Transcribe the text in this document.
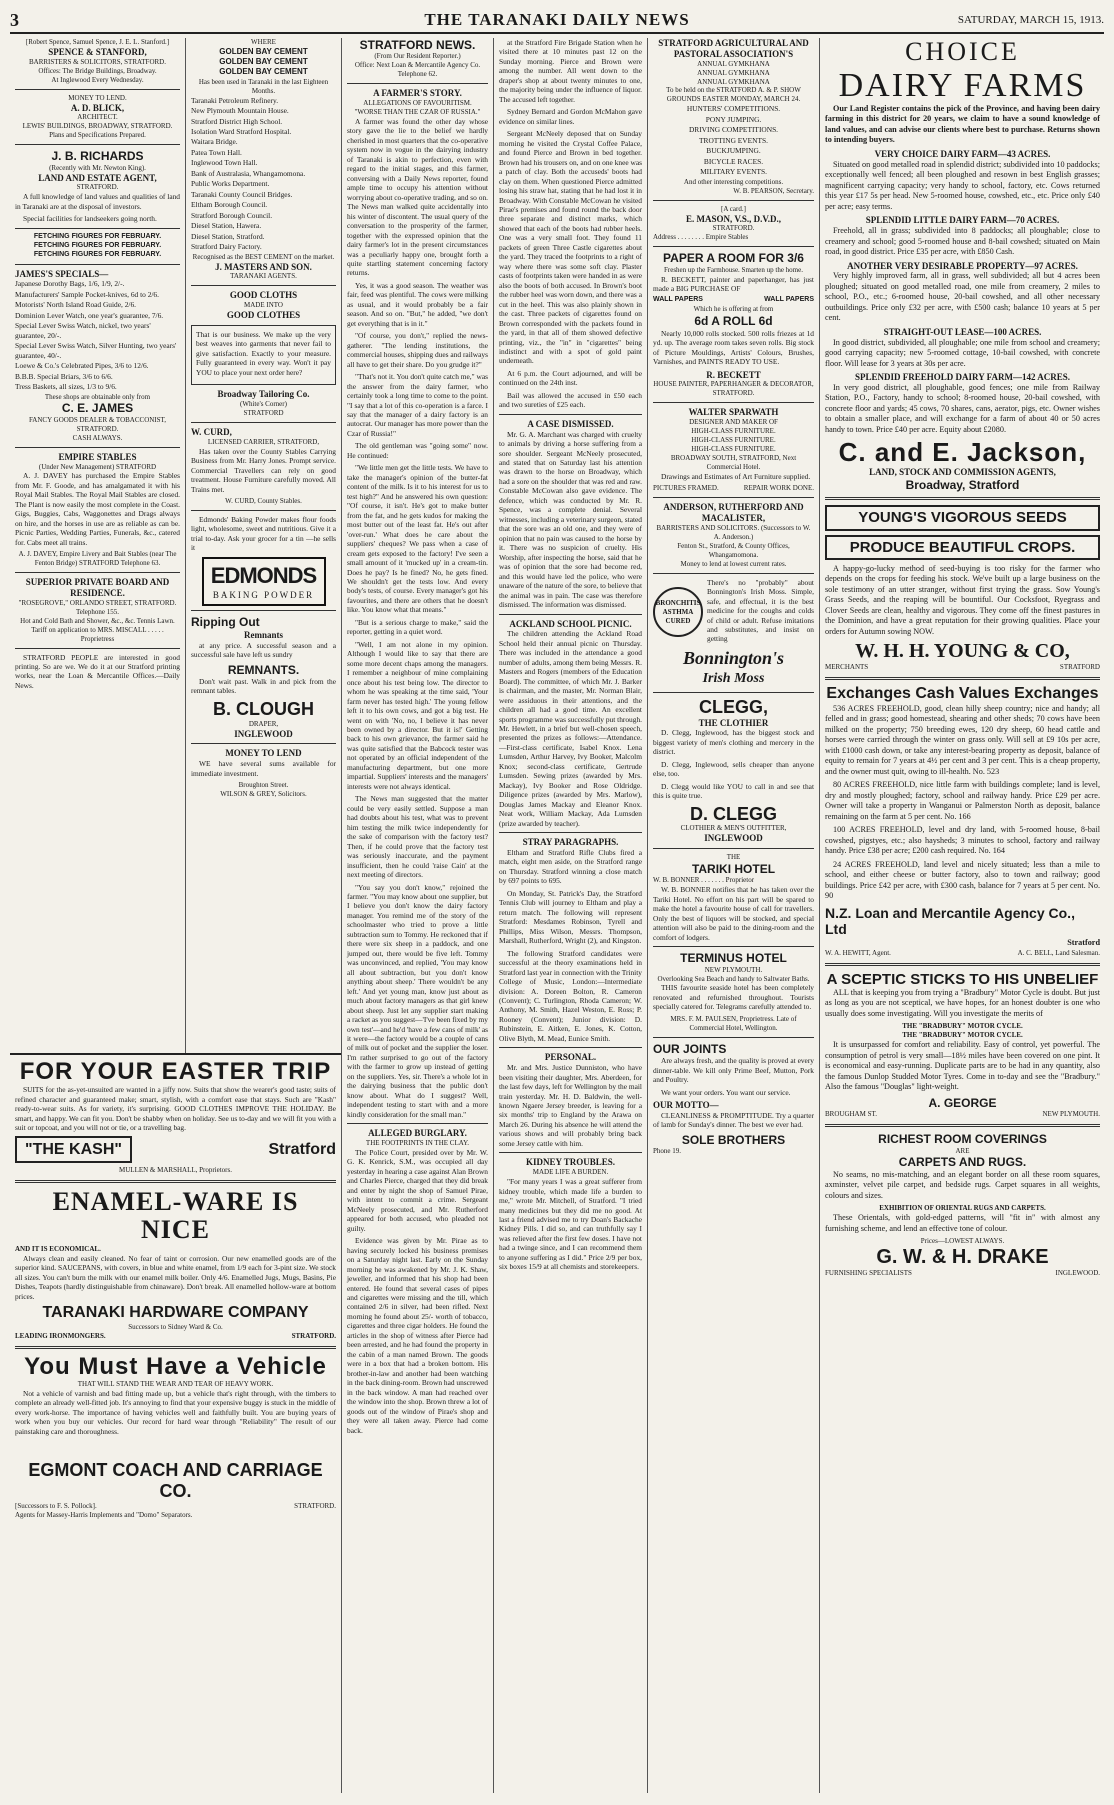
3	THE TARANAKI DAILY NEWS	SATURDAY, MARCH 15, 1913.
[Robert Spence, Samuel Spence, J. E. L. Stanford.]
SPENCE & STANFORD,
BARRISTERS & SOLICITORS, STRATFORD.
Offices: The Bridge Buildings, Broadway.
At Inglewood Every Wednesday.
MONEY TO LEND.
A. D. BLICK,
ARCHITECT.
LEWIS' BUILDINGS, BROADWAY, STRATFORD.
Plans and Specifications Prepared.
J. B. RICHARDS
(Recently with Mr. Newton King).
LAND AND ESTATE AGENT,
STRATFORD.

A full knowledge of land values and qualities of land in Taranaki are at the disposal of investors.

Special facilities for landseekers going north.

FETCHING FIGURES FOR FEBRUARY.
FETCHING FIGURES FOR FEBRUARY.
FETCHING FIGURES FOR FEBRUARY.
JAMES'S SPECIALS—
Japanese Dorothy Bags, 1/6, 1/9, 2/-.
Manufacturers' Sample Pocket-knives, 6d to 2/6.
Motorists' North Island Road Guide, 2/6.
Dominion Lever Watch, one year's guarantee, 7/6.
Special Lever Swiss Watch, nickel, two years' guarantee, 20/-.
Special Lever Swiss Watch, Silver Hunting, two years' guarantee, 40/-.
Loewe & Co.'s Celebrated Pipes, 3/6 to 12/6.
B.B.B. Special Briars, 3/6 to 6/6.
Tress Baskets, all sizes, 1/3 to 9/6.
These shops are obtainable only from
C. E. JAMES
FANCY GOODS DEALER & TOBACCONIST, STRATFORD.
CASH ALWAYS.
EMPIRE STABLES
(Under New Management) STRATFORD

A. J. DAVEY has purchased the Empire Stables from Mr. F. Goode, and has amalgamated it with his Royal Mail Stables. The Royal Mail Stables are closed. The Plant is now easily the most complete in the Coast. Gigs, Buggies, Cabs, Waggonettes and Drags always on hire, and the horses in use are as reliable as can be. Picnic Parties, Wedding Parties, Funerals, &c., catered for. Cabs meet all trains.

A. J. DAVEY, Empire Livery and Bait Stables (near The Fenton Bridge) STRATFORD Telephone 63.
SUPERIOR PRIVATE BOARD AND RESIDENCE.
"ROSEGROVE," ORLANDO STREET, STRATFORD. Telephone 155.
Hot and Cold Bath and Shower, &c., &c. Tennis Lawn.
Tariff on application to MRS. MISCALL . . . . . Proprietress

STRATFORD PEOPLE are interested in good printing. So are we. We do it at our Stratford printing works, near the Loan & Mercantile Offices.—Daily News.

WHERE
GOLDEN BAY CEMENT
GOLDEN BAY CEMENT
GOLDEN BAY CEMENT
Has been used in Taranaki in the last Eighteen Months.
Taranaki Petroleum Refinery.
New Plymouth Mountain House.
Stratford District High School.
Isolation Ward Stratford Hospital.
Waitara Bridge.
Patea Town Hall.
Inglewood Town Hall.
Bank of Australasia, Whangamomona.
Public Works Department.
Taranaki County Council Bridges.
Eltham Borough Council.
Stratford Borough Council.
Diesel Station, Hawera.
Diesel Station, Stratford.
Stratford Dairy Factory.
Recognised as the BEST CEMENT on the market.
J. MASTERS AND SON.
TARANAKI AGENTS.
GOOD CLOTHS
MADE INTO
GOOD CLOTHES

That is our business. We make up the very best weaves into garments that never fail to give satisfaction. Exactly to your measure. Fully guaranteed in every way. Won't it pay YOU to place your next order here?

Broadway Tailoring Co.
(White's Corner)
STRATFORD
W. CURD,
LICENSED CARRIER, STRATFORD,

Has taken over the County Stables Carrying Business from Mr. Harry Jones. Prompt service. Commercial Travellers can rely on good treatment. House Furniture carefully moved. All Trains met.

W. CURD, County Stables.

Edmonds' Baking Powder makes flour foods light, wholesome, sweet and nutritious. Give it a trial to-day. Ask your grocer for a tin —he sells it

EDMONDS
BAKING POWDER
Ripping Out
Remnants

at any price. A successful season and a successful sale have left us sundry

REMNANTS.

Don't wait past. Walk in and pick from the remnant tables.

B. CLOUGH
DRAPER,
INGLEWOOD
MONEY TO LEND

WE have several sums available for immediate investment.

Broughton Street.
WILSON & GREY, Solicitors.
FOR YOUR EASTER TRIP

SUITS for the as-yet-unsuited are wanted in a jiffy now. Suits that show the wearer's good taste; suits of refined character and guaranteed make; smart, stylish, with a comfort ease that stays. Such are "Kash" ready-to-wear suits. As for variety, it's surprising. GOOD CLOTHES IMPROVE THE HOLIDAY. Be smart, and happy. We can fit you. Don't be shabby when on holiday. See us to-day and we will fit you with a suit or topcoat, and you will not or tie, or a travelling bag.

"THE KASH"	Stratford
MULLEN & MARSHALL, Proprietors.
ENAMEL-WARE IS NICE
AND IT IS ECONOMICAL.

Always clean and easily cleaned. No fear of taint or corrosion. Our new enamelled goods are of the superior kind. SAUCEPANS, with covers, in blue and white enamel, from 1/9 each for 3-pint size. We stock all sizes. You can't burn the milk with our enamel milk boiler. Only 4/6. Enamelled Jugs, Mugs, Basins, Pie Dishes, Teapots (hardly distinguishable from chinaware). Don't break. All enamelled hollow-ware at bottom prices.

TARANAKI HARDWARE COMPANY
Successors to Sidney Ward & Co.
LEADING IRONMONGERS.	STRATFORD.
You Must Have a Vehicle
THAT WILL STAND THE WEAR AND TEAR OF HEAVY WORK.

Not a vehicle of varnish and bad fitting made up, but a vehicle that's right through, with the timbers to complete an already well-fitted job. It's annoying to find that your expensive buggy is stuck in the middle of every work-horse. The importance of having vehicles well and faithfully built. You are buying years of work when you buy our vehicles. Our record for hard wear through "Reliability" The result of our painstaking care and thoroughness.

EGMONT COACH AND CARRIAGE CO.
[Successors to F. S. Pollock].	STRATFORD.
Agents for Massey-Harris Implements and "Domo" Separators.
STRATFORD NEWS.
(From Our Resident Reporter.)
Office: Next Loan & Mercantile Agency Co. Telephone 62.
A FARMER'S STORY.
ALLEGATIONS OF FAVOURITISM.
"WORSE THAN THE CZAR OF RUSSIA."

A farmer was found the other day whose story gave the lie to the belief we hardly cherished in most quarters that the co-operative system now in vogue in the dairying industry of Taranaki is akin to perfection, even with regard to the initial stages, and this farmer, conversing with a Daily News reporter, found ample time to occupy his attention without worrying about co-operative trading, and so on. The News man walked quite accidentally into his winter of discontent. The usual query of the conversation to the prosperity of the farmer, together with the expressed opinion that the dairy farmer's lot in the present circumstances was a peculiarly happy one, brought forth a quite startling statement concerning factory returns.

Yes, it was a good season. The weather was fair, feed was plentiful. The cows were milking as usual, and it would probably be a fair season. And so on. "But," he added, "we don't get everything that is in it."

"Of course, you don't," replied the news-gatherer. "The lending institutions, the commercial houses, shipping dues and railways all have to get their share. Do you grudge it?"

"That's not it. You don't quite catch me," was the answer from the dairy farmer, who certainly took a long time to come to the point. "I say that a lot of this co-operation is a farce. I say that the manager of a dairy factory is an autocrat. Our manager has more power than the Czar of Russia!"

The old gentleman was "going some" now. He continued:

"We little men get the little tests. We have to take the manager's opinion of the butter-fat content of the milk. Is it to his interest for us to test high?" And he answered his own question: "Of course, it isn't. He's got to make butter from the fat, and he gets kudos for making the most butter out of the least fat. He's out after 'over-run.' What does he care about the suppliers' cheques? We pass when a case of cream gets exposed to the factory! I've seen a small amount of it 'mucked up' in a cream-tin. Does he pay? Is he fined? No, he gets fined. We shouldn't get the tests low. And every body's tests, of course. Every manager's got his favourites, and there are others that he doesn't like. You know what that means."

"But is a serious charge to make," said the reporter, getting in a quiet word.

"Well, I am not alone in my opinion. Although I would like to say that there are some more decent chaps among the managers. I remember a neighbour of mine complaining once about his test being low. The director to whom he was speaking at the time said, 'Your farm never has tested high.' The young fellow left it to his own cows, and got a big test. He went on with 'No, no, I believe it has never been owned by a director. But it is!' Getting back to his own grievance, the farmer said he was quite satisfied that the Babcock tester was not operated by an official independent of the manufacturing department, but one more impartial. Suppliers' interests and the managers' interests were not always identical.

The News man suggested that the matter could be very easily settled. Suppose a man had doubts about his test, what was to prevent him testing the milk twice independently for the sake of comparison with the factory test? Then, if he could prove that the factory test was seriously inaccurate, and the payment insufficient, then he could 'raise Cain' at the next meeting of directors.

"You say you don't know," rejoined the farmer. "You may know about one supplier, but I believe you don't know the dairy factory manager. You remind me of the story of the schoolmaster who tried to prove a little subtraction sum to Tommy. He reckoned that if there were six sheep in a paddock, and one jumped out, there would be five left. Tommy was unconvinced, and replied, 'You may know all about subtraction, but you don't know anything about sheep.' There wouldn't be any left.' And yet young man, know just about as much about factory managers as that girl knew about sheep. Just let any supplier start making a racket as you suggest—'I've been fixed by my own test'—and he'd 'have a few cans of milk' as it were—the factory would be a couple of cans of milk out of pocket and the supplier the loser. I'm rather surprised to go out of the factory with the farmer to grow up instead of getting on the suppliers. Yes, sir. There's a whole lot in the dairying business that the public don't know about. What do I suggest? Well, independent testing to start with and a more kindly consideration for the small man."

ALLEGED BURGLARY.
THE FOOTPRINTS IN THE CLAY.

The Police Court, presided over by Mr. W. G. K. Kenrick, S.M., was occupied all day yesterday in hearing a case against Alan Brown and Charles Pierce, charged that they did break and enter by night the shop of Samuel Pirae, with intent to commit a crime. Sergeant McNeely prosecuted, and Mr. Rutherford appeared for both accused, who pleaded not guilty.

Evidence was given by Mr. Pirae as to having securely locked his business premises on a Saturday night last. Early on the Sunday morning he was awakened by Mr. J. K. Shaw, jeweller, and informed that his shop had been entered. He found that several cases of pipes and cigarettes were missing and the till, which contained 2/6 in silver, had been rifled. Next morning he found about 25/- worth of tobacco, cigarettes and three cigar holders. He found the articles in the shop of witness after Pierce had been arrested, and he had found the property in the cabin of a man named Brown. The goods were in a box that had a broken bottom. His brother-in-law and another had been watching in the back dining-room. Brown had unscrewed in the back window. A man had reached over the window into the shop. Brown threw a lot of goods out of the window of Pirae's shop and they were all taken away. Pierce had come back.

at the Stratford Fire Brigade Station when he visited there at 10 minutes past 12 on the Sunday morning. Pierce and Brown were among the number. All went down to the draper's shop at about twenty minutes to one, the majority being under the influence of liquor. The accused left together.

Sydney Bernard and Gordon McMahon gave evidence on similar lines.

Sergeant McNeely deposed that on Sunday morning he visited the Crystal Coffee Palace, and found Pierce and Brown in bed together. Brown had his trousers on, and on one knee was a patch of clay. Both the accuseds' boots had clay on them. When questioned Pierce admitted losing his straw hat, stating that he had lost it in Broadway. With Constable McCowan he visited Pirae's premises and found round the back door three separate and distinct marks, which showed that each of the boots had rubber heels. One was a very small foot. They found 11 packets of green Three Castle cigarettes about the yard. They traced the footprints to a right of way where there was some soft clay. Plaster casts of footprints taken were handed in as were also the boots of both accused. In Brown's boot the rubber heel was worn down, and there was a cut in the heel. This was also plainly shown in the cast. Three packets of cigarettes found on Brown corresponded with the packets found in the yard, in that all of them showed defective printing, viz., the "in" in "cigarettes" being indistinct and with a spot of gold paint underneath.

At 6 p.m. the Court adjourned, and will be continued on the 24th inst.

Bail was allowed the accused in £50 each and two sureties of £25 each.

A CASE DISMISSED.

Mr. G. A. Marchant was charged with cruelty to animals by driving a horse suffering from a sore shoulder. Sergeant McNeely prosecuted, and stated that on Saturday last his attention was drawn to the horse on Broadway, which had a sore on the shoulder that was red and raw. Constable McCowan also gave evidence. The defence, which was conducted by Mr. R. Spence, was a complete denial. Several witnesses, including a veterinary surgeon, stated that the sore was an old one, and they were of opinion that no pain was caused to the horse by it. There was no suspicion of cruelty. His Worship, after inspecting the horse, said that he was of opinion that the sore had become red, and this would have led the police, who were unaware of the nature of the sore, to believe that the animal was in pain. The case was therefore dismissed. The information was dismissed.

ACKLAND SCHOOL PICNIC.

The children attending the Ackland Road School held their annual picnic on Thursday. There was included in the attendance a good number of adults, among them being Messrs. R. Masters and Rogers (members of the Education Board). The committee, of which Mr. J. Barker is chairman, and the master, Mr. Norman Blair, were assiduous in their attentions, and the children all had a good time. An excellent sports programme was successfully put through. Mr. Hewlett, in a brief but well-chosen speech, presented the prizes as follows:—Attendance.—First-class certificate, Isabel Knox. Lena Lumsden, Arthur Harvey, Ivy Booker, Malcolm Knox; second-class certificate, Gertrude Lumsden. Sewing prizes (awarded by Mrs. Mackay), Ivy Booker and Rose Oldridge. Diligence prizes (awarded by Mrs. Marlow), Douglas James Mackay and Eleanor Knox. Neat work, William Mackay, Ada Lumsden (prize awarded by teacher).

STRAY PARAGRAPHS.

Eltham and Stratford Rifle Clubs fired a match, eight men aside, on the Stratford range on Thursday. Stratford winning a close match by 697 points to 695.

On Monday, St. Patrick's Day, the Stratford Tennis Club will journey to Eltham and play a return match. The following will represent Stratford: Mesdames Robinson, Tyrell and Phillips, Miss Wilson, Messrs. Thompson, Marshall, Rutherford, Wright (2), and Kingston.

The following Stratford candidates were successful at the theory examinations held in Stratford last year in connection with the Trinity College of Music, London:—Intermediate division: A. Doreen Bolton, R. Cameron (Convent); C. Turlington, Rhoda Cameron; W. Anthony, M. Smith, Hazel Weston, E. Ross; P. Rooney (Convent); Junior division: D. Rubinstein, E. Aitken, E. Jones, K. Cotton, Olive Blyth, M. Mead, Eunice Smith.

PERSONAL.

Mr. and Mrs. Justice Dunniston, who have been visiting their daughter, Mrs. Aberdeen, for the last few days, left for Wellington by the mail train yesterday. Mr. H. D. Baldwin, the well-known Ngaere Jersey breeder, is leaving for a six months' trip to England by the Arawa on March 26. During his absence he will attend the various shows and will probably bring back some Jersey cattle with him.

KIDNEY TROUBLES.
MADE LIFE A BURDEN.

"For many years I was a great sufferer from kidney trouble, which made life a burden to me," wrote Mr. Mitchell, of Stratford. "I tried many medicines but they did me no good. At last a friend advised me to try Doan's Backache Kidney Pills. I did so, and can truthfully say I was relieved after the first few doses. I have not had a twinge since, and I can recommend them to anyone suffering as I did." Price 2/9 per box, six boxes 15/9 at all chemists and storekeepers.

STRATFORD AGRICULTURAL AND PASTORAL ASSOCIATION'S
ANNUAL GYMKHANA
ANNUAL GYMKHANA
ANNUAL GYMKHANA
To be held on the STRATFORD A. & P. SHOW GROUNDS EASTER MONDAY, MARCH 24.
HUNTERS' COMPETITIONS.
PONY JUMPING.
DRIVING COMPETITIONS.
TROTTING EVENTS.
BUCKJUMPING.
BICYCLE RACES.
MILITARY EVENTS.
And other interesting competitions.
W. B. PEARSON, Secretary.
[A card.]
E. MASON, V.S., D.V.D.,
STRATFORD.
Address . . . . . . . . Empire Stables
PAPER A ROOM FOR 3/6
Freshen up the Farmhouse. Smarten up the home.

R. BECKETT, painter and paperhanger, has just made a BIG PURCHASE OF

WALL PAPERS	WALL PAPERS
Which he is offering at from
6d A ROLL 6d

Nearly 10,000 rolls stocked. 500 rolls friezes at 1d yd. up. The average room takes seven rolls. Big stock of Picture Mouldings, Artists' Colours, Brushes, Varnishes, and PAINTS READY TO USE.

R. BECKETT
HOUSE PAINTER, PAPERHANGER & DECORATOR, STRATFORD.
WALTER SPARWATH
DESIGNER AND MAKER OF
HIGH-CLASS FURNITURE.
HIGH-CLASS FURNITURE.
HIGH-CLASS FURNITURE.
BROADWAY SOUTH, STRATFORD, Next Commercial Hotel.

Drawings and Estimates of Art Furniture supplied.

PICTURES FRAMED.	REPAIR WORK DONE.
ANDERSON, RUTHERFORD AND MACALISTER,
BARRISTERS AND SOLICITORS. (Successors to W. A. Anderson.)
Fenton St., Stratford, & County Offices, Whangamomona.
Money to lend at lowest current rates.
BRONCHITIS ASTHMA CURED

There's no "probably" about Bonnington's Irish Moss. Simple, safe, and effectual, it is the best medicine for the coughs and colds of child or adult. Refuse imitations and substitutes, and insist on getting

Bonnington's
Irish Moss
CLEGG,
THE CLOTHIER

D. Clegg, Inglewood, has the biggest stock and biggest variety of men's clothing and mercery in the district.

D. Clegg, Inglewood, sells cheaper than anyone else, too.

D. Clegg would like YOU to call in and see that this is quite true.

D. CLEGG
CLOTHIER & MEN'S OUTFITTER,
INGLEWOOD
THE
TARIKI HOTEL
W. B. BONNER . . . . . . . Proprietor

W. B. BONNER notifies that he has taken over the Tariki Hotel. No effort on his part will be spared to make the hotel a favourite house of call for travellers. Only the best of liquors will be stocked, and special attention will also be paid to the dining-room and the comfort of lodgers.

TERMINUS HOTEL
NEW PLYMOUTH.
Overlooking Sea Beach and handy to Saltwater Baths.

THIS favourite seaside hotel has been completely renovated and refurnished throughout. Tourists specially catered for. Telegrams carefully attended to.

MRS. F. M. PAULSEN, Proprietress. Late of Commercial Hotel, Wellington.
OUR JOINTS

Are always fresh, and the quality is proved at every dinner-table. We kill only Prime Beef, Mutton, Pork and Poultry.

We want your orders. You want our service.

OUR MOTTO—

CLEANLINESS & PROMPTITUDE. Try a quarter of lamb for Sunday's dinner. The best we ever had.

SOLE BROTHERS
Phone 19.
CHOICE
DAIRY FARMS

Our Land Register contains the pick of the Province, and having been dairy farming in this district for 20 years, we claim to have a sound knowledge of land values, and can advise our clients where best to purchase. Returns shown to intending buyers.

VERY CHOICE DAIRY FARM—43 ACRES.

Situated on good metalled road in splendid district; subdivided into 10 paddocks; exceptionally well fenced; all been ploughed and resown in best English grasses; magnificent carrying capacity; very handy to school, factory, etc. Cows returned this year £17 5s per head. New 5-roomed house, cowshed, etc., etc. Price only £40 per acre; easy terms.

SPLENDID LITTLE DAIRY FARM—70 ACRES.

Freehold, all in grass; subdivided into 8 paddocks; all ploughable; close to creamery and school; good 5-roomed house and 8-bail cowshed; situated on Main road, in good district. Price £35 per acre, with £850 Cash.

ANOTHER VERY DESIRABLE PROPERTY—97 ACRES.

Very highly improved farm, all in grass, well subdivided; all but 4 acres been ploughed; situated on good metalled road, one mile from creamery, 2 miles to school, P.O., etc.; 6-roomed house, 20-bail cowshed, and all other necessary outbuildings. Price only £32 per acre, with £500 cash; balance 10 years at 5 per cent.

STRAIGHT-OUT LEASE—100 ACRES.

In good district, subdivided, all ploughable; one mile from school and creamery; good carrying capacity; new 5-roomed cottage, 10-bail cowshed, with concrete floor. Will lease for 3 years at 30s per acre.

SPLENDID FREEHOLD DAIRY FARM—142 ACRES.

In very good district, all ploughable, good fences; one mile from Railway Station, P.O., Factory, handy to school; 8-roomed house, 20-bail cowshed, with concrete floor and yards; 45 cows, 70 shares, cans, aerator, pigs, etc. Owner wishes to obtain a smaller place, and will exchange for a farm of about 40 or 50 acres handy to town. Price £40 per acre. Equity about £2080.

C. and E. Jackson,
LAND, STOCK AND COMMISSION AGENTS,
Broadway, Stratford
YOUNG'S VIGOROUS SEEDS
PRODUCE BEAUTIFUL CROPS.

A happy-go-lucky method of seed-buying is too risky for the farmer who depends on the crops for feeding his stock. We've built up a large business on the sole testimony of an utter stranger, without first trying the grass. Sow Young's Grass Seeds, and the reaping will be bountiful. Our Cocksfoot, Ryegrass and Clover Seeds are clean, healthy and vigorous. They come off the finest pastures in the Dominion, and have a great reputation for their growing qualities. Place your orders for Autumn sowing NOW.

W. H. H. YOUNG & CO,
MERCHANTS	STRATFORD
Exchanges Cash Values Exchanges

536 ACRES FREEHOLD, good, clean hilly sheep country; nice and handy; all felled and in grass; good homestead, shearing and other sheds; 70 cows have been milked on the property; 750 breeding ewes, 120 dry sheep, 60 head cattle and horses were carried through the winter on grass only. Will sell at £9 10s per acre, with £1000 cash down, or take any interest-bearing property as deposit, balance of equity to remain for 7 years at 4½ per cent and 3 per cent. This is a cheap property, and the owner must quit, owing to ill-health. No. 523

80 ACRES FREEHOLD, nice little farm with buildings complete; land is level, dry and mostly ploughed; factory, school and railway handy. Price £29 per acre. Owner will take a property in Wanganui or Palmerston North as deposit, balance remaining on the farm at 5 per cent. No. 166

100 ACRES FREEHOLD, level and dry land, with 5-roomed house, 8-bail cowshed, pigstyes, etc.; also haysheds; 3 minutes to school, factory and railway handy. Price £38 per acre; £200 cash required. No. 164

24 ACRES FREEHOLD, land level and nicely situated; less than a mile to school, and either cheese or butter factory, also to town and railway; good buildings. Price £42 per acre, with £300 cash, balance for 7 years at 5 per cent. No. 90

N.Z. Loan and Mercantile Agency Co., Ltd
Stratford
W. A. HEWITT, Agent.	A. C. BELL, Land Salesman.
A SCEPTIC STICKS TO HIS UNBELIEF

ALL that is keeping you from trying a "Bradbury" Motor Cycle is doubt. But just as long as you are not sceptical, we have hopes, for an honest doubter is one who usually does some investigating. Will you investigate the merits of

THE "BRADBURY" MOTOR CYCLE.
THE "BRADBURY" MOTOR CYCLE.

It is unsurpassed for comfort and reliability. Easy of control, yet powerful. The consumption of petrol is very small—18½ miles have been covered on one pint. It is economical and easy-running. Duplicate parts are to be had in any quantity, also the famous Dunlop Studded Motor Tyres. Come in to-day and see the "Bradbury." Also the famous "Douglas" light-weight.

A. GEORGE
BROUGHAM ST.	NEW PLYMOUTH.
RICHEST ROOM COVERINGS
ARE
CARPETS AND RUGS.

No seams, no mis-matching, and an elegant border on all these room squares, axminster, velvet pile carpet, and bedside rugs. Carpet squares in all weights, colours and sizes.

EXHIBITION OF ORIENTAL RUGS AND CARPETS.

These Orientals, with gold-edged patterns, will "fit in" with almost any furnishing scheme, and lend an effective tone of colour.

Prices—LOWEST ALWAYS.
G. W. & H. DRAKE
FURNISHING SPECIALISTS	INGLEWOOD.
